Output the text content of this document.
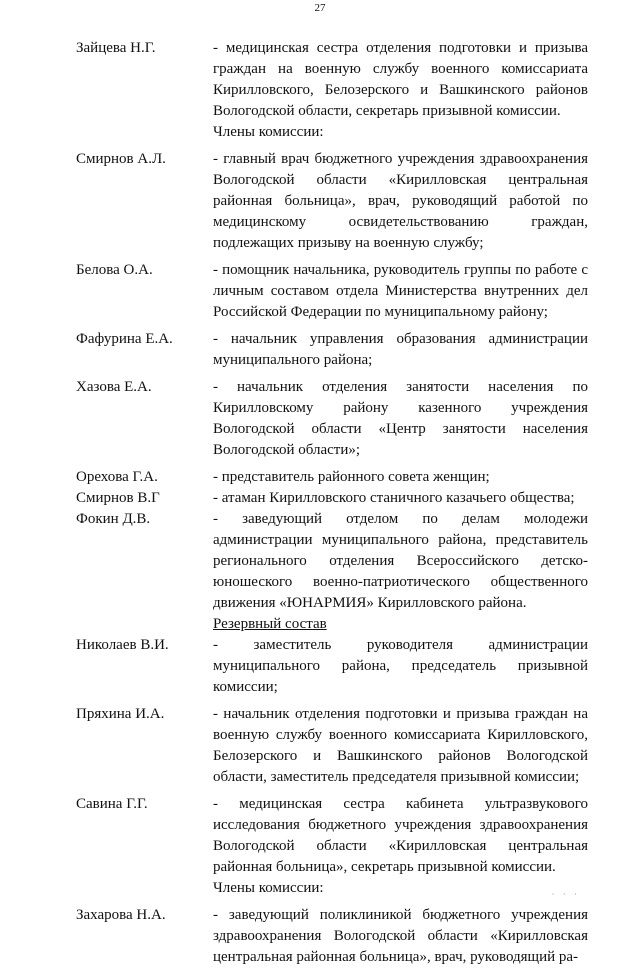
27
Зайцева Н.Г.	- медицинская сестра отделения подготовки и призыва граждан на военную службу военного комиссариата Кирилловского, Белозерского и Вашкинского районов Вологодской области, секретарь призывной комиссии.
Члены комиссии:
Смирнов А.Л.	- главный врач бюджетного учреждения здравоохранения Вологодской области «Кирилловская центральная районная больница», врач, руководящий работой по медицинскому освидетельствованию граждан, подлежащих призыву на военную службу;
Белова О.А.	- помощник начальника, руководитель группы по работе с личным составом отдела Министерства внутренних дел Российской Федерации по муниципальному району;
Фафурина Е.А.	- начальник управления образования администрации муниципального района;
Хазова Е.А.	- начальник отделения занятости населения по Кирилловскому району казенного учреждения Вологодской области «Центр занятости населения Вологодской области»;
Орехова Г.А.	- представитель районного совета женщин;
Смирнов В.Г	- атаман Кирилловского станичного казачьего общества;
Фокин Д.В.	- заведующий отделом по делам молодежи администрации муниципального района, представитель регионального отделения Всероссийского детско-юношеского военно-патриотического общественного движения «ЮНАРМИЯ» Кирилловского района.
Резервный состав
Николаев В.И.	- заместитель руководителя администрации муниципального района, председатель призывной комиссии;
Пряхина И.А.	- начальник отделения подготовки и призыва граждан на военную службу военного комиссариата Кирилловского, Белозерского и Вашкинского районов Вологодской области, заместитель председателя призывной комиссии;
Савина Г.Г.	- медицинская сестра кабинета ультразвукового исследования бюджетного учреждения здравоохранения Вологодской области «Кирилловская центральная районная больница», секретарь призывной комиссии.
Члены комиссии:
Захарова Н.А.	- заведующий поликлиникой бюджетного учреждения здравоохранения Вологодской области «Кирилловская центральная районная больница», врач, руководящий ра-
· · ·
